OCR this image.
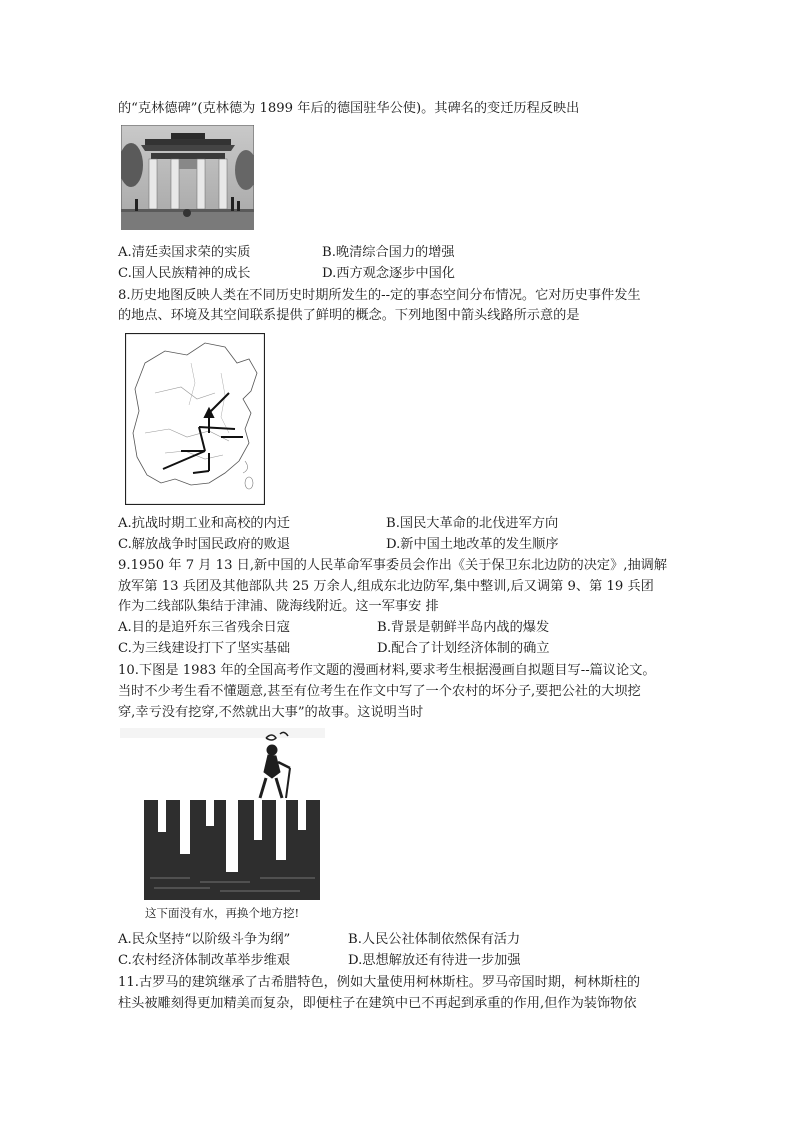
的“克林德碑”(克林德为 1899 年后的德国驻华公使)。其碑名的变迁历程反映出
A.清廷卖国求荣的实质	B.晚清综合国力的增强
C.国人民族精神的成长	D.西方观念逐步中国化
8.历史地图反映人类在不同历史时期所发生的--定的事态空间分布情况。它对历史事件发生
的地点、环境及其空间联系提供了鲜明的概念。下列地图中箭头线路所示意的是
A.抗战时期工业和高校的内迁	B.国民大革命的北伐进军方向
C.解放战争时国民政府的败退	D.新中国土地改革的发生顺序
9.1950 年 7 月 13 日,新中国的人民革命军事委员会作出《关于保卫东北边防的决定》,抽调解
放军第 13 兵团及其他部队共 25 万余人,组成东北边防军,集中整训,后又调第 9、第 19 兵团
作为二线部队集结于津浦、陇海线附近。这一军事安 排
A.目的是追歼东三省残余日寇	B.背景是朝鲜半岛内战的爆发
C.为三线建设打下了坚实基础	D.配合了计划经济体制的确立
10.下图是 1983 年的全国高考作文题的漫画材料,要求考生根据漫画自拟题目写--篇议论文。
当时不少考生看不懂题意,甚至有位考生在作文中写了一个农村的坏分子,要把公社的大坝挖
穿,幸亏没有挖穿,不然就出大事”的故事。这说明当时
这下面没有水，再换个地方挖!
A.民众坚持“以阶级斗争为纲”	B.人民公社体制依然保有活力
C.农村经济体制改革举步维艰	D.思想解放还有待进一步加强
11.古罗马的建筑继承了古希腊特色，例如大量使用柯林斯柱。罗马帝国时期，柯林斯柱的
柱头被雕刻得更加精美而复杂，即便柱子在建筑中已不再起到承重的作用,但作为装饰物依
